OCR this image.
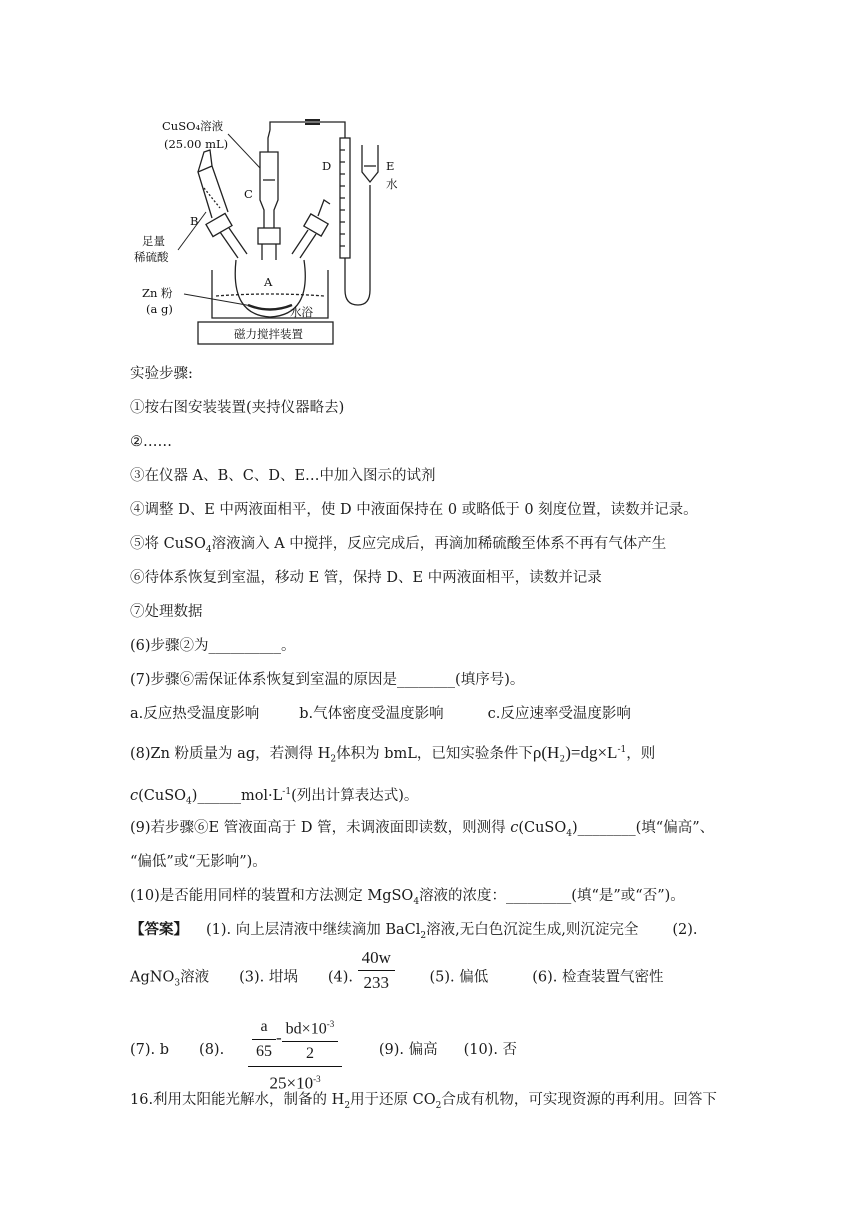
CuSO₄溶液
(25.00 mL)
C
B
D	E
水
足量
稀硫酸
A
Zn 粉
(a g)	水浴
磁力搅拌装置
实验步骤:
①按右图安装装置(夹持仪器略去)
②……
③在仪器 A、B、C、D、E…中加入图示的试剂
④调整 D、E 中两液面相平，使 D 中液面保持在 0 或略低于 0 刻度位置，读数并记录。
⑤将 CuSO$_4$溶液滴入 A 中搅拌，反应完成后，再滴加稀硫酸至体系不再有气体产生
⑥待体系恢复到室温，移动 E 管，保持 D、E 中两液面相平，读数并记录
⑦处理数据
(6)步骤②为__________。
(7)步骤⑥需保证体系恢复到室温的原因是________(填序号)。
a.反应热受温度影响	b.气体密度受温度影响	c.反应速率受温度影响
(8)Zn 粉质量为 ag，若测得 $H_2$体积为 bmL，已知实验条件下$\rho(H_2)=dg\times L^{-1}$，则
$c(CuSO_4)\_\_\_\_\_\_mol\cdot L^{-1}$(列出计算表达式)。
(9)若步骤⑥E 管液面高于 D 管，未调液面即读数，则测得 c(CuSO$_4$)________(填“偏高”、
“偏低”或“无影响”)。
(10)是否能用同样的装置和方法测定 MgSO$_4$溶液的浓度：_________(填“是”或“否”)。
【答案】 (1). 向上层清液中继续滴加 BaCl$_2$溶液,无白色沉淀生成,则沉淀完全 (2).
AgNO$_3$溶液 (3). 坩埚 (4). $\frac{40w}{233} (5)$. 偏低	(6). 检查装置气密性
(7). b (8). $\frac{a}{65} - \frac{bd\times 10^{-3}}{2}$
$25\times 10^{-3}$
(9). 偏高 (10). 否
16.利用太阳能光解水，制备的 $H_2$用于还原 $CO_2$合成有机物，可实现资源的再利用。回答下
